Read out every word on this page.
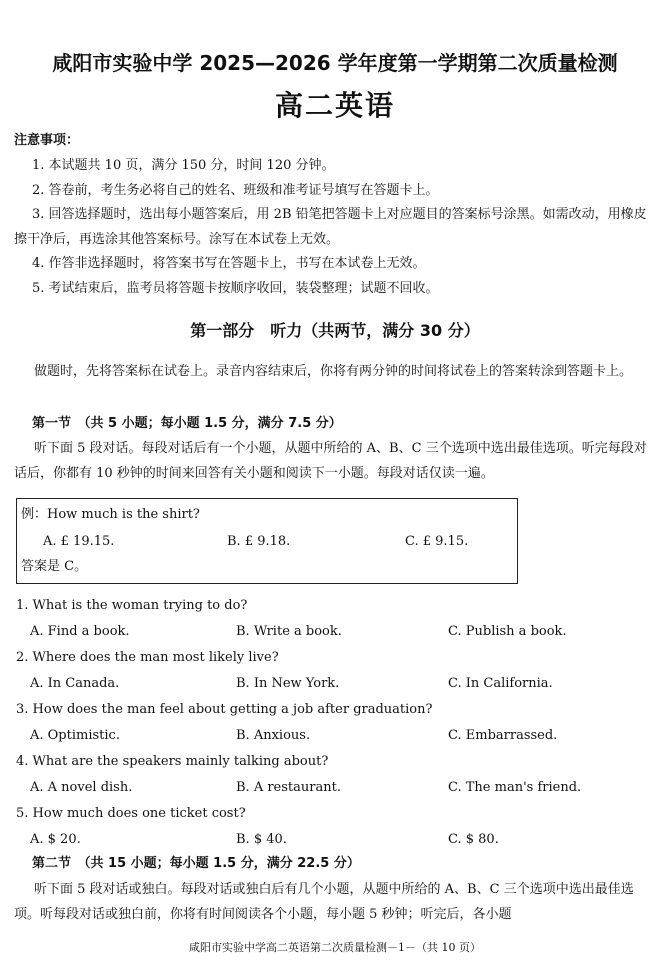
咸阳市实验中学 2025—2026 学年度第一学期第二次质量检测
高二英语
注意事项：

1. 本试题共 10 页，满分 150 分，时间 120 分钟。

2. 答卷前，考生务必将自己的姓名、班级和准考证号填写在答题卡上。

3. 回答选择题时，选出每小题答案后，用 2B 铅笔把答题卡上对应题目的答案标号涂黑。如需改动，用橡皮擦干净后，再选涂其他答案标号。涂写在本试卷上无效。

4. 作答非选择题时，将答案书写在答题卡上，书写在本试卷上无效。

5. 考试结束后，监考员将答题卡按顺序收回，装袋整理；试题不回收。

第一部分　听力（共两节，满分 30 分）
做题时，先将答案标在试卷上。录音内容结束后，你将有两分钟的时间将试卷上的答案转涂到答题卡上。
第一节　（共 5 小题；每小题 1.5 分，满分 7.5 分）
听下面 5 段对话。每段对话后有一个小题，从题中所给的 A、B、C 三个选项中选出最佳选项。听完每段对话后，你都有 10 秒钟的时间来回答有关小题和阅读下一小题。每段对话仅读一遍。
例：How much is the shirt?
A. £ 19.15.	B. £ 9.18.	C. £ 9.15.
答案是 C。
1. What is the woman trying to do?
A. Find a book.	B. Write a book.	C. Publish a book.
2. Where does the man most likely live?
A. In Canada.	B. In New York.	C. In California.
3. How does the man feel about getting a job after graduation?
A. Optimistic.	B. Anxious.	C. Embarrassed.
4. What are the speakers mainly talking about?
A. A novel dish.	B. A restaurant.	C. The man's friend.
5. How much does one ticket cost?
A. $ 20.	B. $ 40.	C. $ 80.
第二节　（共 15 小题；每小题 1.5 分，满分 22.5 分）
听下面 5 段对话或独白。每段对话或独白后有几个小题，从题中所给的 A、B、C 三个选项中选出最佳选项。听每段对话或独白前，你将有时间阅读各个小题，每小题 5 秒钟；听完后，各小题
咸阳市实验中学高二英语第二次质量检测－1－（共 10 页）
